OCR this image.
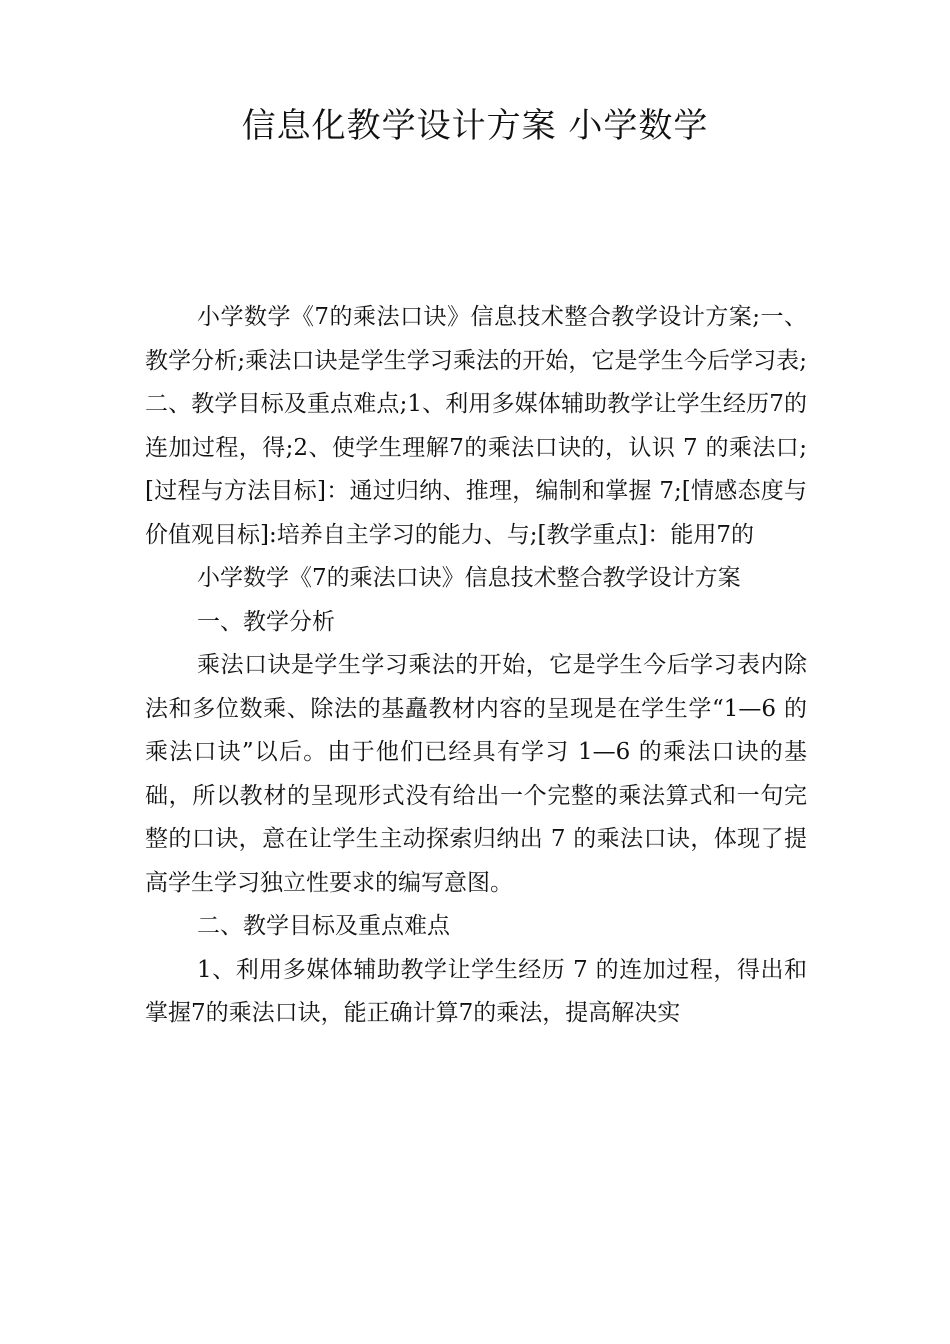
信息化教学设计方案 小学数学

小学数学《7的乘法口诀》信息技术整合教学设计方案;一、教学分析;乘法口诀是学生学习乘法的开始，它是学生今后学习表;二、教学目标及重点难点;1、利用多媒体辅助教学让学生经历7的连加过程，得;2、使学生理解7的乘法口诀的，认识 7 的乘法口;[过程与方法目标]：通过归纳、推理，编制和掌握 7;[情感态度与价值观目标]:培养自主学习的能力、与;[教学重点]：能用7的

小学数学《7的乘法口诀》信息技术整合教学设计方案

一、教学分析

乘法口诀是学生学习乘法的开始，它是学生今后学习表内除法和多位数乘、除法的基矗教材内容的呈现是在学生学“1—6 的乘法口诀”以后。由于他们已经具有学习 1—6 的乘法口诀的基础，所以教材的呈现形式没有给出一个完整的乘法算式和一句完整的口诀，意在让学生主动探索归纳出 7 的乘法口诀，体现了提高学生学习独立性要求的编写意图。

二、教学目标及重点难点

1、利用多媒体辅助教学让学生经历 7 的连加过程，得出和掌握7的乘法口诀，能正确计算7的乘法，提高解决实
